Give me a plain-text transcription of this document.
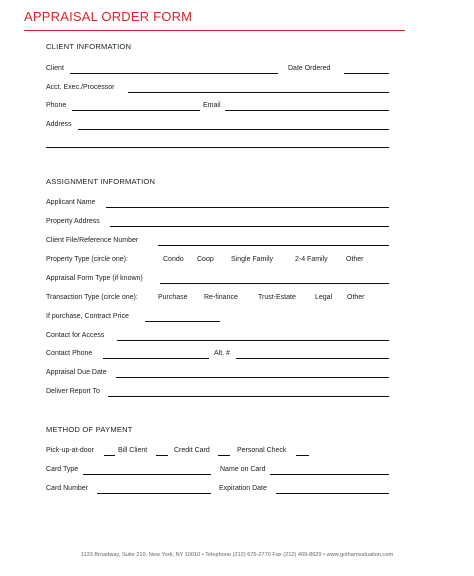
APPRAISAL ORDER FORM
CLIENT INFORMATION
Client	Date Ordered
Acct. Exec./Processor
Phone	Email
Address
ASSIGNMENT INFORMATION
Applicant Name
Property Address
Client File/Reference Number
Property Type (circle one):	Condo Coop Single Family	2-4 Family	Other
Appraisal Form Type (if known)
Transaction Type (circle one):	Purchase Re-finance	Trust-Estate	Legal Other
If purchase, Contract Price
Contact for Access
Contact Phone	Alt. #
Appraisal Due Date
Deliver Report To
METHOD OF PAYMENT
Pick-up-at-door	Bill Client	Credit Card	Personal Check
Card Type	Name on Card
Card Number	Expiration Date
1133 Broadway, Suite 210, New York, NY 10010 • Telephone (212) 675-2770 Fax (212) 409-8629 • www.gothamvaluation.com
